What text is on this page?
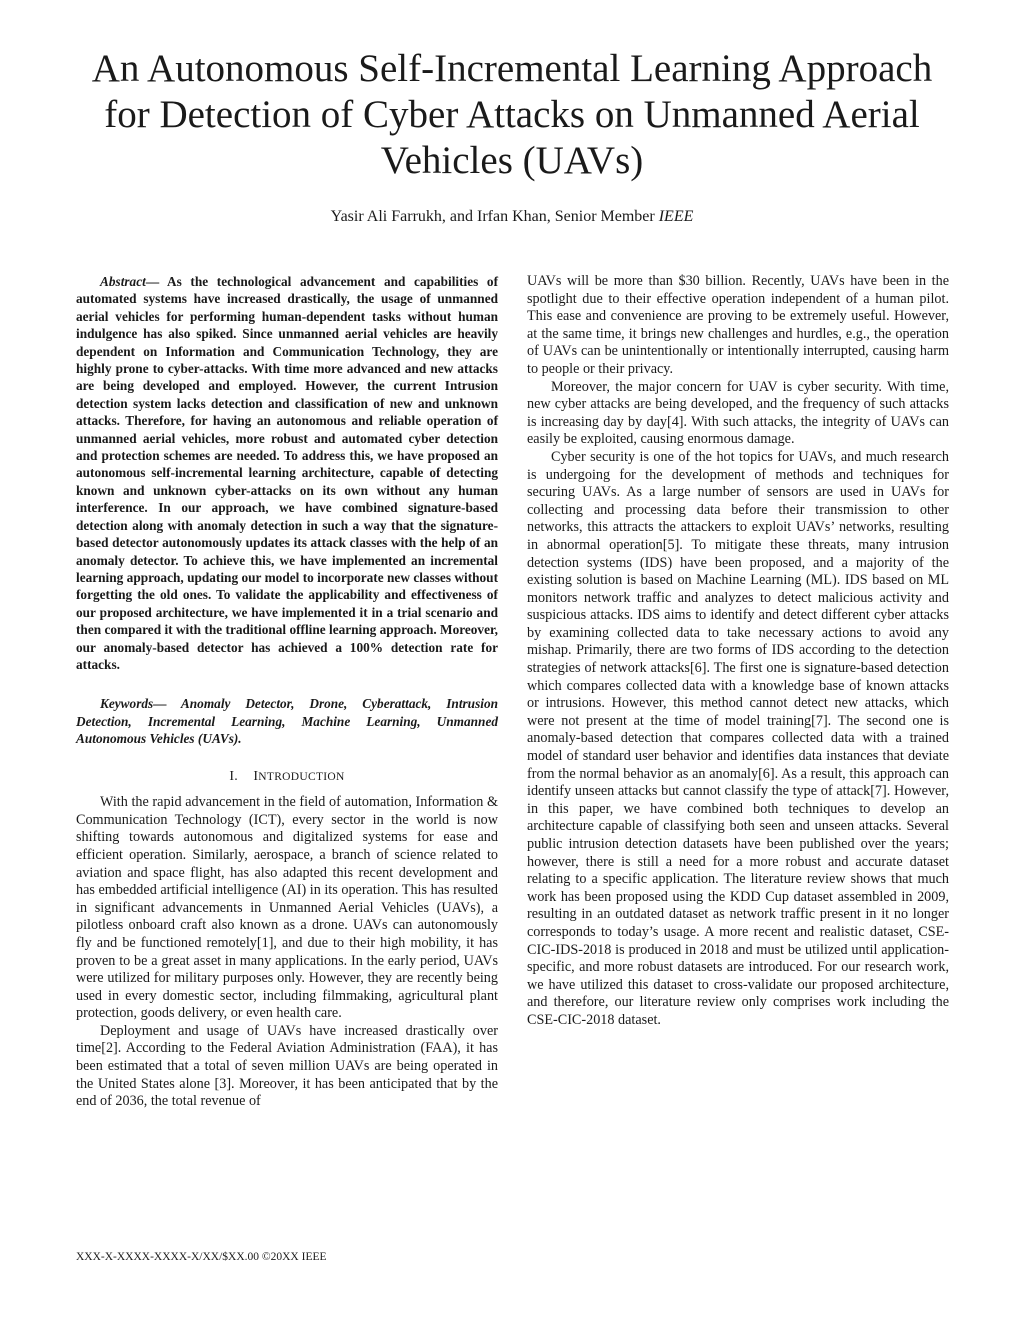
An Autonomous Self-Incremental Learning Approach
for Detection of Cyber Attacks on Unmanned Aerial
Vehicles (UAVs)

Yasir Ali Farrukh, and Irfan Khan, Senior Member IEEE

Abstract— As the technological advancement and capabilities of automated systems have increased drastically, the usage of unmanned aerial vehicles for performing human-dependent tasks without human indulgence has also spiked. Since unmanned aerial vehicles are heavily dependent on Information and Communication Technology, they are highly prone to cyber-attacks. With time more advanced and new attacks are being developed and employed. However, the current Intrusion detection system lacks detection and classification of new and unknown attacks. Therefore, for having an autonomous and reliable operation of unmanned aerial vehicles, more robust and automated cyber detection and protection schemes are needed. To address this, we have proposed an autonomous self-incremental learning architecture, capable of detecting known and unknown cyber-attacks on its own without any human interference. In our approach, we have combined signature-based detection along with anomaly detection in such a way that the signature-based detector autonomously updates its attack classes with the help of an anomaly detector. To achieve this, we have implemented an incremental learning approach, updating our model to incorporate new classes without forgetting the old ones. To validate the applicability and effectiveness of our proposed architecture, we have implemented it in a trial scenario and then compared it with the traditional offline learning approach. Moreover, our anomaly-based detector has achieved a 100% detection rate for attacks.

Keywords— Anomaly Detector, Drone, Cyberattack, Intrusion Detection, Incremental Learning, Machine Learning, Unmanned Autonomous Vehicles (UAVs).

I. INTRODUCTION

With the rapid advancement in the field of automation, Information & Communication Technology (ICT), every sector in the world is now shifting towards autonomous and digitalized systems for ease and efficient operation. Similarly, aerospace, a branch of science related to aviation and space flight, has also adapted this recent development and has embedded artificial intelligence (AI) in its operation. This has resulted in significant advancements in Unmanned Aerial Vehicles (UAVs), a pilotless onboard craft also known as a drone. UAVs can autonomously fly and be functioned remotely[1], and due to their high mobility, it has proven to be a great asset in many applications. In the early period, UAVs were utilized for military purposes only. However, they are recently being used in every domestic sector, including filmmaking, agricultural plant protection, goods delivery, or even health care.

Deployment and usage of UAVs have increased drastically over time[2]. According to the Federal Aviation Administration (FAA), it has been estimated that a total of seven million UAVs are being operated in the United States alone [3]. Moreover, it has been anticipated that by the end of 2036, the total revenue of

UAVs will be more than $30 billion. Recently, UAVs have been in the spotlight due to their effective operation independent of a human pilot. This ease and convenience are proving to be extremely useful. However, at the same time, it brings new challenges and hurdles, e.g., the operation of UAVs can be unintentionally or intentionally interrupted, causing harm to people or their privacy.

Moreover, the major concern for UAV is cyber security. With time, new cyber attacks are being developed, and the frequency of such attacks is increasing day by day[4]. With such attacks, the integrity of UAVs can easily be exploited, causing enormous damage.

Cyber security is one of the hot topics for UAVs, and much research is undergoing for the development of methods and techniques for securing UAVs. As a large number of sensors are used in UAVs for collecting and processing data before their transmission to other networks, this attracts the attackers to exploit UAVs’ networks, resulting in abnormal operation[5]. To mitigate these threats, many intrusion detection systems (IDS) have been proposed, and a majority of the existing solution is based on Machine Learning (ML). IDS based on ML monitors network traffic and analyzes to detect malicious activity and suspicious attacks. IDS aims to identify and detect different cyber attacks by examining collected data to take necessary actions to avoid any mishap. Primarily, there are two forms of IDS according to the detection strategies of network attacks[6]. The first one is signature-based detection which compares collected data with a knowledge base of known attacks or intrusions. However, this method cannot detect new attacks, which were not present at the time of model training[7]. The second one is anomaly-based detection that compares collected data with a trained model of standard user behavior and identifies data instances that deviate from the normal behavior as an anomaly[6]. As a result, this approach can identify unseen attacks but cannot classify the type of attack[7]. However, in this paper, we have combined both techniques to develop an architecture capable of classifying both seen and unseen attacks. Several public intrusion detection datasets have been published over the years; however, there is still a need for a more robust and accurate dataset relating to a specific application. The literature review shows that much work has been proposed using the KDD Cup dataset assembled in 2009, resulting in an outdated dataset as network traffic present in it no longer corresponds to today’s usage. A more recent and realistic dataset, CSE-CIC-IDS-2018 is produced in 2018 and must be utilized until application-specific, and more robust datasets are introduced. For our research work, we have utilized this dataset to cross-validate our proposed architecture, and therefore, our literature review only comprises work including the CSE-CIC-2018 dataset.

XXX-X-XXXX-XXXX-X/XX/$XX.00 ©20XX IEEE
